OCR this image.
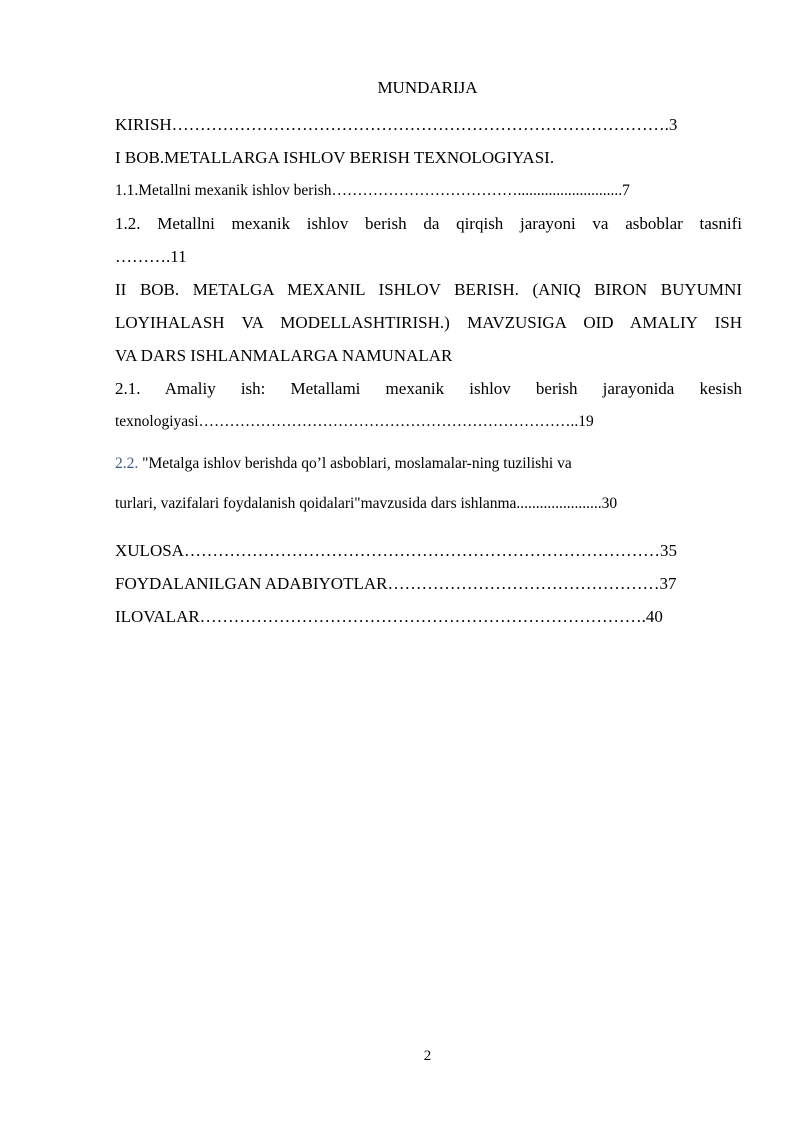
MUNDARIJA
KIRISH…………………………………………………………………………….3
I BOB.METALLARGA ISHLOV BERISH TEXNOLOGIYASI.
1.1.Metallni mexanik ishlov berish………………………………...........................7
1.2. Metallni mexanik ishlov berish da qirqish jarayoni va asboblar tasnifi
……….11
II BOB. METALGA MEXANIL ISHLOV BERISH. (ANIQ BIRON BUYUMNI
LOYIHALASH VA MODELLASHTIRISH.) MAVZUSIGA OID AMALIY ISH
VA DARS ISHLANMALARGA NAMUNALAR
2.1. Amaliy ish: Metallami mexanik ishlov berish jarayonida kesish
texnologiyasi………………………………………………………………..19
2.2. "Metalga ishlov berishda qo’l asboblari, moslamalar-ning tuzilishi va
turlari, vazifalari foydalanish qoidalari"mavzusida dars ishlanma......................30
XULOSA…………………………………………………………………………35
FOYDALANILGAN ADABIYOTLAR…………………………………………37
ILOVALAR…………………………………………………………………….40
2
